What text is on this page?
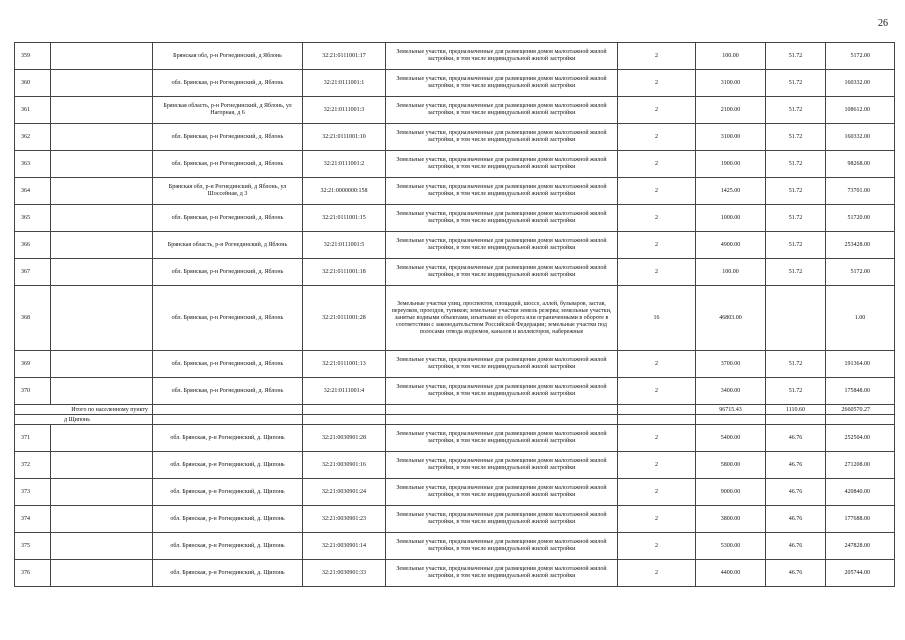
26
359		Брянская обл, р-н Рогнединский, д Яблонь	32:21:0111001:17	Земельные участки, предназначенные для размещения домов малоэтажной жилой застройки, в том числе индивидуальной жилой застройки	2	100.00	51.72	5172.00
360		обл. Брянская, р-н Рогнединский, д. Яблонь	32:21:0111001:1	Земельные участки, предназначенные для размещения домов малоэтажной жилой застройки, в том числе индивидуальной жилой застройки	2	3100.00	51.72	160332.00
361		Брянская область, р-н Рогнединский, д Яблонь, ул Нагорная, д 6	32:21:0111001:3	Земельные участки, предназначенные для размещения домов малоэтажной жилой застройки, в том числе индивидуальной жилой застройки	2	2100.00	51.72	108612.00
362		обл. Брянская, р-н Рогнединский, д. Яблонь	32:21:0111001:10	Земельные участки, предназначенные для размещения домов малоэтажной жилой застройки, в том числе индивидуальной жилой застройки	2	3100.00	51.72	160332.00
363		обл. Брянская, р-н Рогнединский, д. Яблонь	32:21:0111001:2	Земельные участки, предназначенные для размещения домов малоэтажной жилой застройки, в том числе индивидуальной жилой застройки	2	1900.00	51.72	98268.00
364		Брянская обл, р-н Рогнединский, д Яблонь, ул Шоссейная, д 3	32:21:0000000:158	Земельные участки, предназначенные для размещения домов малоэтажной жилой застройки, в том числе индивидуальной жилой застройки	2	1425.00	51.72	73701.00
365		обл. Брянская, р-н Рогнединский, д. Яблонь	32:21:0111001:15	Земельные участки, предназначенные для размещения домов малоэтажной жилой застройки, в том числе индивидуальной жилой застройки	2	1000.00	51.72	51720.00
366		Брянская область, р-н Рогнединский, д Яблонь	32:21:0111001:5	Земельные участки, предназначенные для размещения домов малоэтажной жилой застройки, в том числе индивидуальной жилой застройки	2	4900.00	51.72	253428.00
367		обл. Брянская, р-н Рогнединский, д. Яблонь	32:21:0111001:18	Земельные участки, предназначенные для размещения домов малоэтажной жилой застройки, в том числе индивидуальной жилой застройки	2	100.00	51.72	5172.00
368		обл. Брянская, р-н Рогнединский, д. Яблонь	32:21:0111001:28	Земельные участки улиц, проспектов, площадей, шоссе, аллей, бульваров, застав, переулков, проездов, тупиков; земельные участки земель резерва; земельные участки, занятые водными объектами, изъятыми из оборота или ограниченными в обороте в соответствии с законодательством Российской Федерации; земельные участки под полосами отвода водоемов, каналов и коллекторов, набережные	16	46803.00		1.00
369		обл. Брянская, р-н Рогнединский, д. Яблонь	32:21:0111001:13	Земельные участки, предназначенные для размещения домов малоэтажной жилой застройки, в том числе индивидуальной жилой застройки	2	3700.00	51.72	191364.00
370		обл. Брянская, р-н Рогнединский, д. Яблонь	32:21:0111001:4	Земельные участки, предназначенные для размещения домов малоэтажной жилой застройки, в том числе индивидуальной жилой застройки	2	3400.00	51.72	175848.00
Итого по населенному пункту						96715.43	1110.60	2660570.27
д Щипонь								
371		обл. Брянская, р-н Рогнединский, д. Щипонь	32:21:0030901:28	Земельные участки, предназначенные для размещения домов малоэтажной жилой застройки, в том числе индивидуальной жилой застройки	2	5400.00	46.76	252504.00
372		обл. Брянская, р-н Рогнединский, д. Щипонь	32:21:0030901:16	Земельные участки, предназначенные для размещения домов малоэтажной жилой застройки, в том числе индивидуальной жилой застройки	2	5800.00	46.76	271208.00
373		обл. Брянская, р-н Рогнединский, д. Щипонь	32:21:0030901:24	Земельные участки, предназначенные для размещения домов малоэтажной жилой застройки, в том числе индивидуальной жилой застройки	2	9000.00	46.76	420840.00
374		обл. Брянская, р-н Рогнединский, д. Щипонь	32:21:0030901:23	Земельные участки, предназначенные для размещения домов малоэтажной жилой застройки, в том числе индивидуальной жилой застройки	2	3800.00	46.76	177688.00
375		обл. Брянская, р-н Рогнединский, д. Щипонь	32:21:0030901:14	Земельные участки, предназначенные для размещения домов малоэтажной жилой застройки, в том числе индивидуальной жилой застройки	2	5300.00	46.76	247828.00
376		обл. Брянская, р-н Рогнединский, д. Щипонь	32:21:0030901:33	Земельные участки, предназначенные для размещения домов малоэтажной жилой застройки, в том числе индивидуальной жилой застройки	2	4400.00	46.76	205744.00
